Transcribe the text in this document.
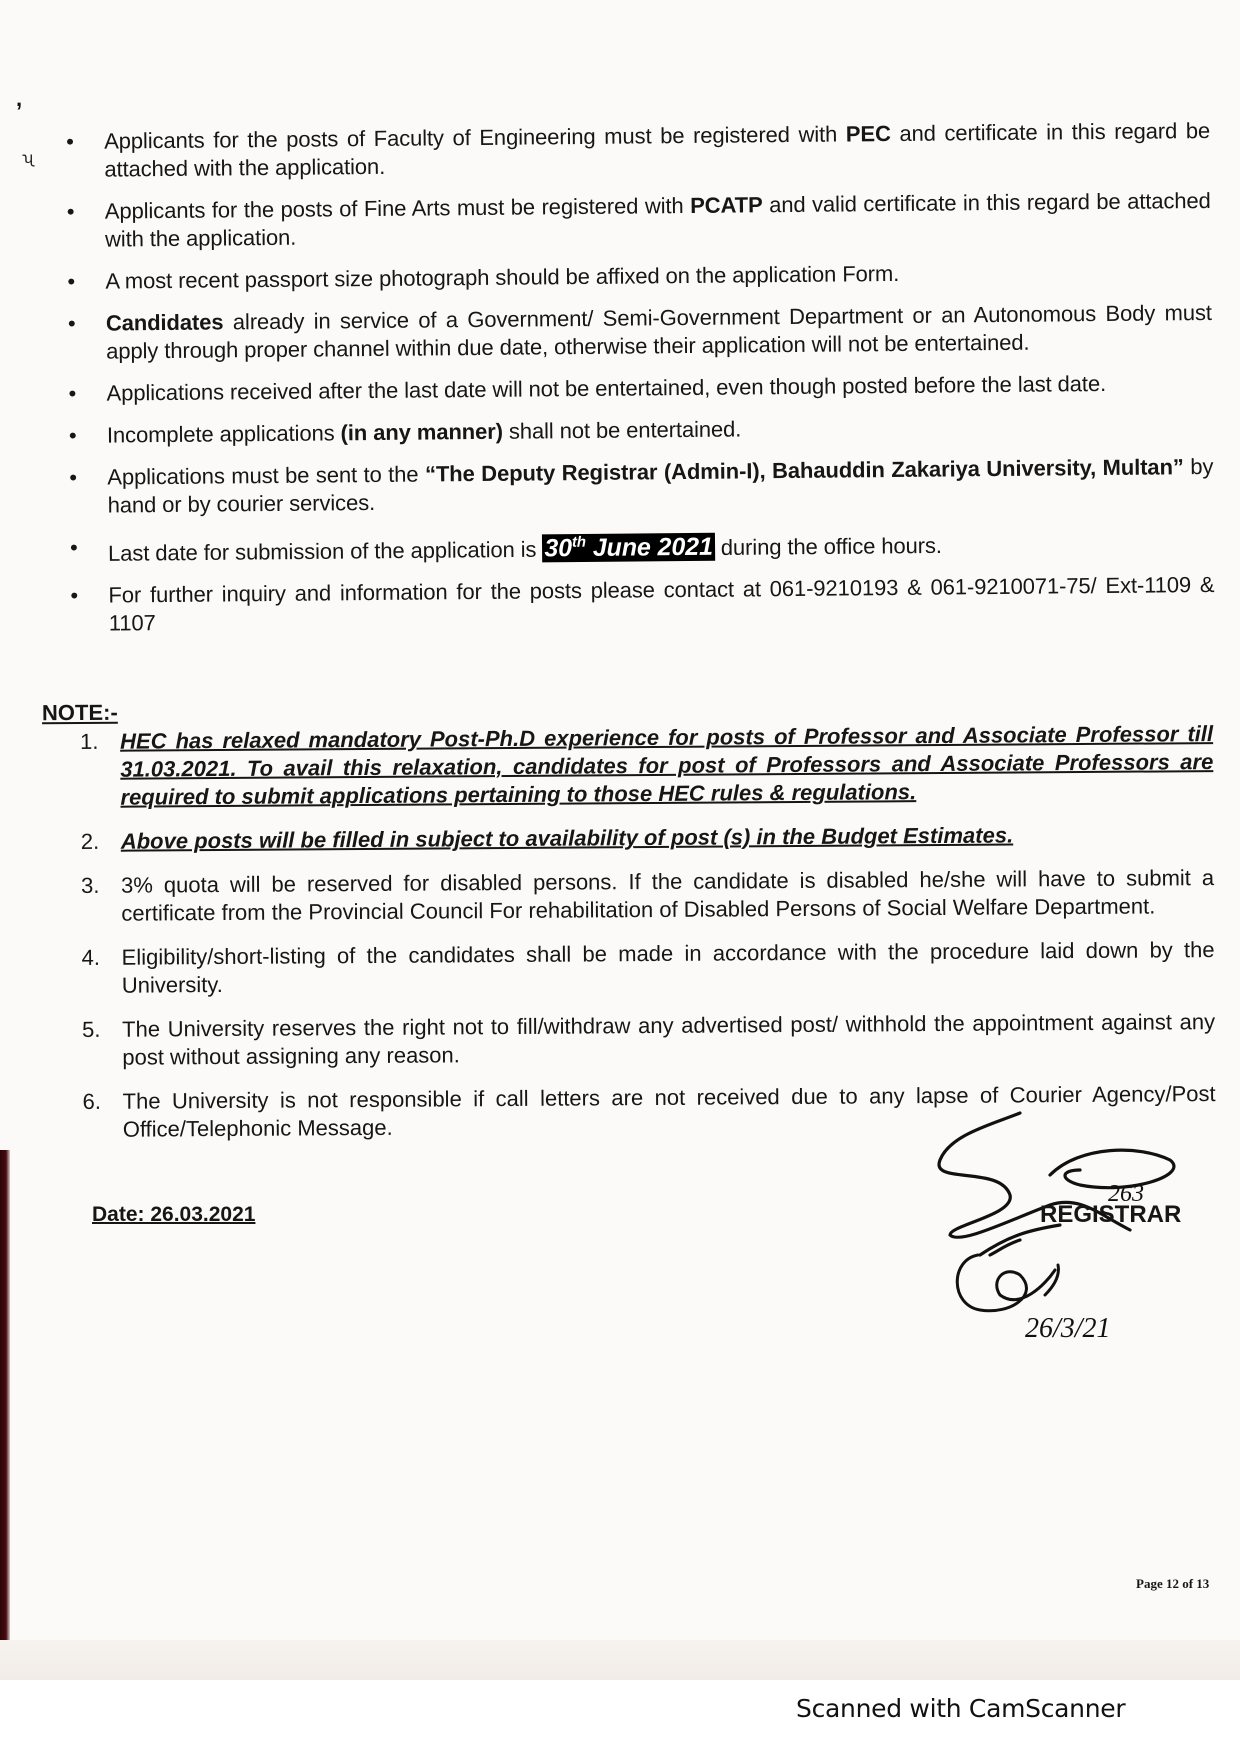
,
ʯ
• Applicants for the posts of Faculty of Engineering must be registered with PEC and certificate in this regard be attached with the application.
• Applicants for the posts of Fine Arts must be registered with PCATP and valid certificate in this regard be attached with the application.
• A most recent passport size photograph should be affixed on the application Form.
• Candidates already in service of a Government/ Semi-Government Department or an Autonomous Body must apply through proper channel within due date, otherwise their application will not be entertained.
• Applications received after the last date will not be entertained, even though posted before the last date.
• Incomplete applications (in any manner) shall not be entertained.
• Applications must be sent to the “The Deputy Registrar (Admin-I), Bahauddin Zakariya University, Multan” by hand or by courier services.
• Last date for submission of the application is 30th June 2021 during the office hours.
• For further inquiry and information for the posts please contact at 061-9210193 & 061-9210071-75/ Ext-1109 & 1107
NOTE:-
1. HEC has relaxed mandatory Post-Ph.D experience for posts of Professor and Associate Professor till 31.03.2021. To avail this relaxation, candidates for post of Professors and Associate Professors are required to submit applications pertaining to those HEC rules & regulations.
2. Above posts will be filled in subject to availability of post (s) in the Budget Estimates.
3. 3% quota will be reserved for disabled persons. If the candidate is disabled he/she will have to submit a certificate from the Provincial Council For rehabilitation of Disabled Persons of Social Welfare Department.
4. Eligibility/short-listing of the candidates shall be made in accordance with the procedure laid down by the University.
5. The University reserves the right not to fill/withdraw any advertised post/ withhold the appointment against any post without assigning any reason.
6. The University is not responsible if call letters are not received due to any lapse of Courier Agency/Post Office/Telephonic Message.
Date: 26.03.2021
263
26/3/21
REGISTRAR
Page 12 of 13
Scanned with CamScanner
